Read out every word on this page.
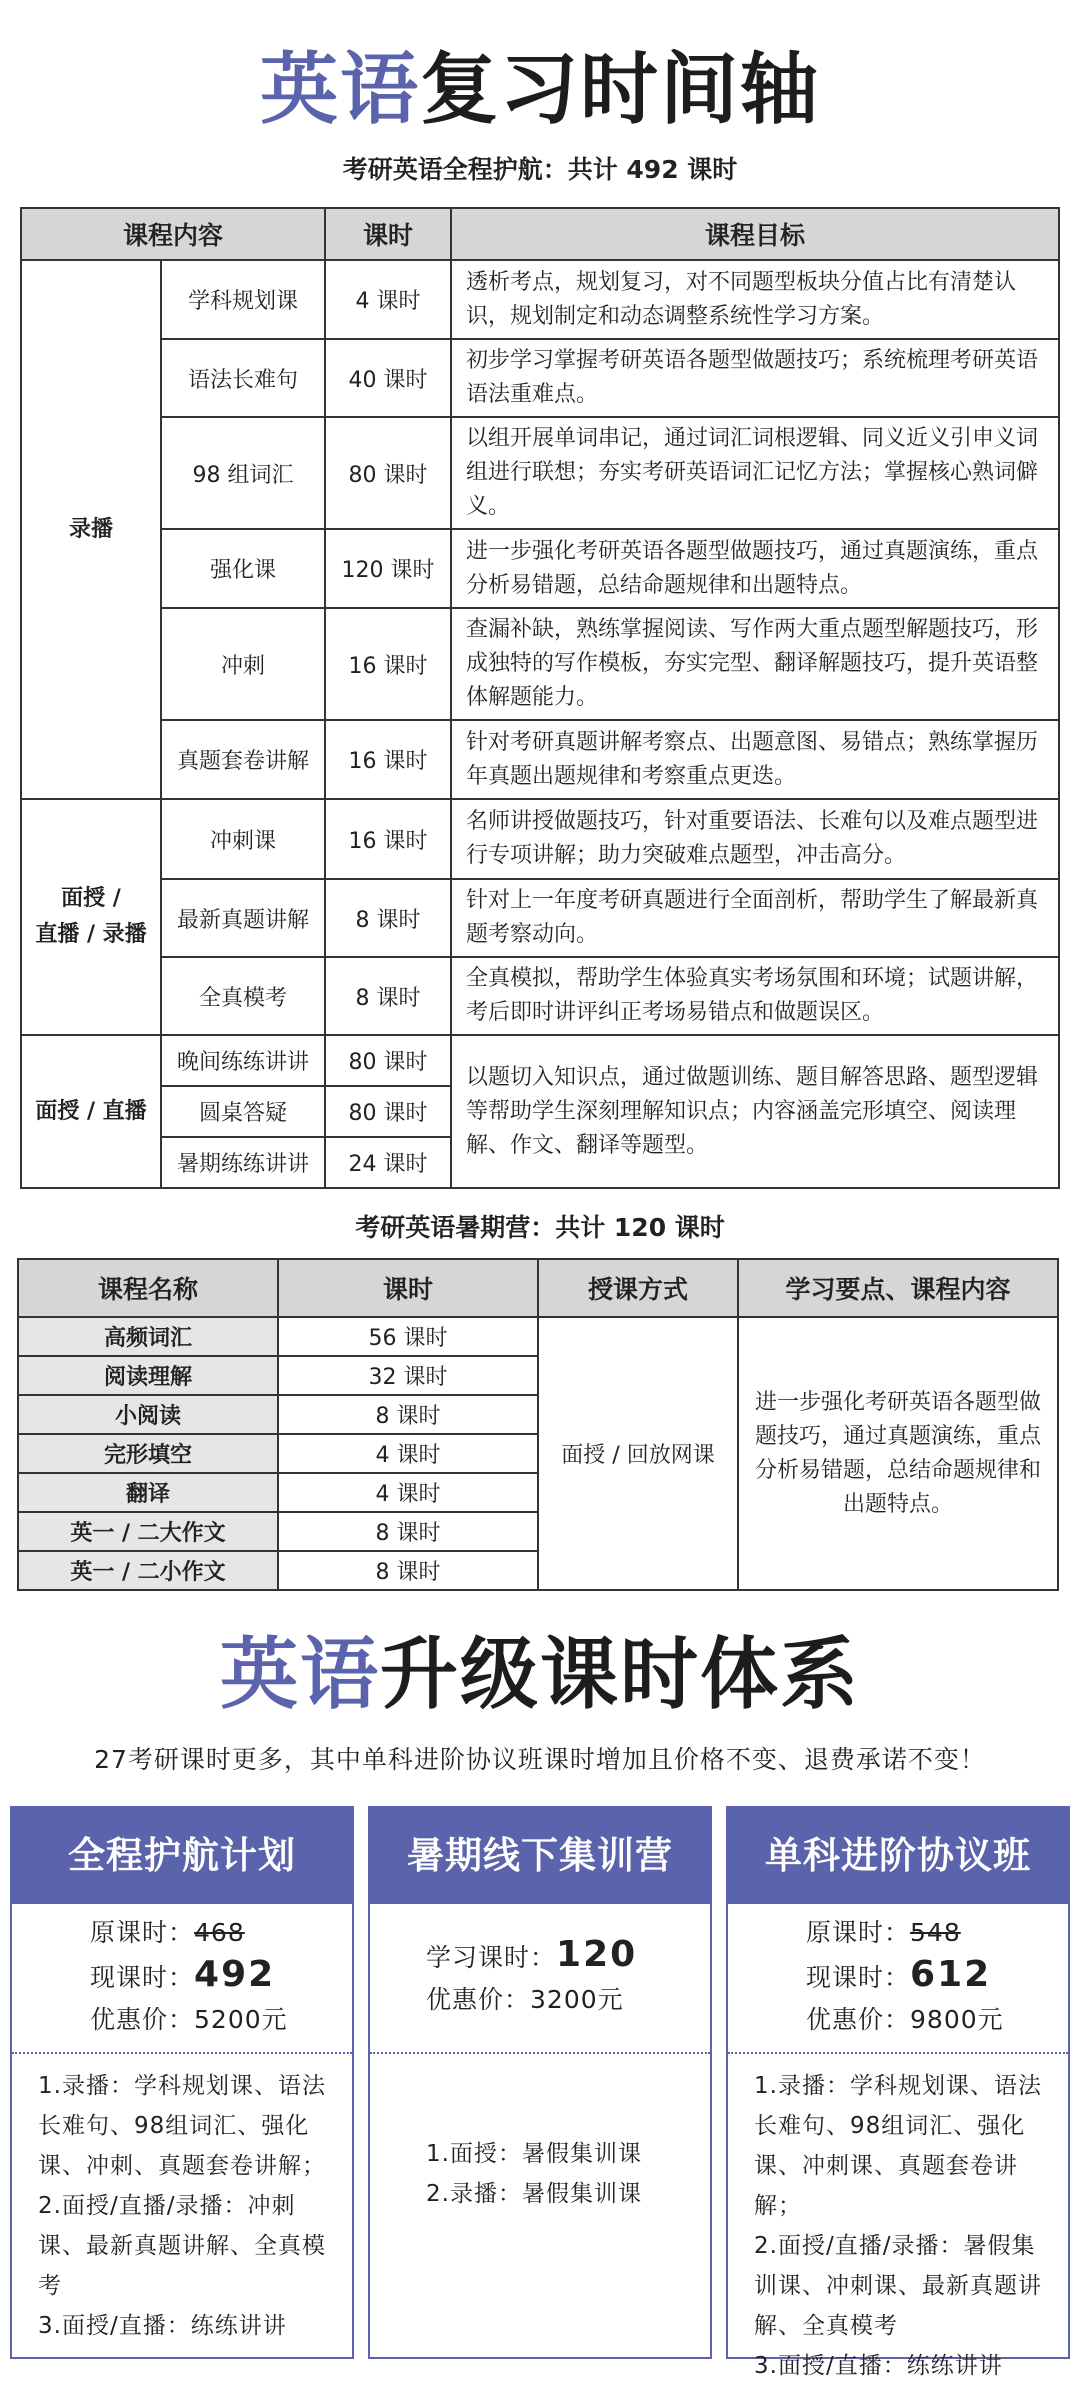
英语复习时间轴
考研英语全程护航：共计 492 课时
课程内容		课时	课程目标
录播	学科规划课	4 课时	透析考点，规划复习，对不同题型板块分值占比有清楚认识，规划制定和动态调整系统性学习方案。
	语法长难句	40 课时	初步学习掌握考研英语各题型做题技巧；系统梳理考研英语语法重难点。
	98 组词汇	80 课时	以组开展单词串记，通过词汇词根逻辑、同义近义引申义词组进行联想；夯实考研英语词汇记忆方法；掌握核心熟词僻义。
	强化课	120 课时	进一步强化考研英语各题型做题技巧，通过真题演练，重点分析易错题，总结命题规律和出题特点。
	冲刺	16 课时	查漏补缺，熟练掌握阅读、写作两大重点题型解题技巧，形成独特的写作模板，夯实完型、翻译解题技巧，提升英语整体解题能力。
	真题套卷讲解	16 课时	针对考研真题讲解考察点、出题意图、易错点；熟练掌握历年真题出题规律和考察重点更迭。
面授 /
直播 / 录播	冲刺课	16 课时	名师讲授做题技巧，针对重要语法、长难句以及难点题型进行专项讲解；助力突破难点题型，冲击高分。
	最新真题讲解	8 课时	针对上一年度考研真题进行全面剖析，帮助学生了解最新真题考察动向。
	全真模考	8 课时	全真模拟，帮助学生体验真实考场氛围和环境；试题讲解，考后即时讲评纠正考场易错点和做题误区。
面授 / 直播	晚间练练讲讲	80 课时	以题切入知识点，通过做题训练、题目解答思路、题型逻辑等帮助学生深刻理解知识点；内容涵盖完形填空、阅读理解、作文、翻译等题型。
	圆桌答疑	80 课时	
	暑期练练讲讲	24 课时	
考研英语暑期营：共计 120 课时
课程名称	课时	授课方式	学习要点、课程内容
高频词汇	56 课时	面授 / 回放网课	进一步强化考研英语各题型做题技巧，通过真题演练，重点分析易错题，总结命题规律和出题特点。
阅读理解	32 课时		
小阅读	8 课时		
完形填空	4 课时		
翻译	4 课时		
英一 / 二大作文	8 课时		
英一 / 二小作文	8 课时		
英语升级课时体系
27考研课时更多，其中单科进阶协议班课时增加且价格不变、退费承诺不变！
全程护航计划
原课时：468
现课时：492
优惠价：5200元
1.录播：学科规划课、语法长难句、98组词汇、强化课、冲刺、真题套卷讲解；
2.面授/直播/录播：冲刺课、最新真题讲解、全真模考
3.面授/直播：练练讲讲
暑期线下集训营
学习课时：120
优惠价：3200元
1.面授：暑假集训课
2.录播：暑假集训课
单科进阶协议班
原课时：548
现课时：612
优惠价：9800元
1.录播：学科规划课、语法长难句、98组词汇、强化课、冲刺课、真题套卷讲解；
2.面授/直播/录播：暑假集训课、冲刺课、最新真题讲解、全真模考
3.面授/直播：练练讲讲
